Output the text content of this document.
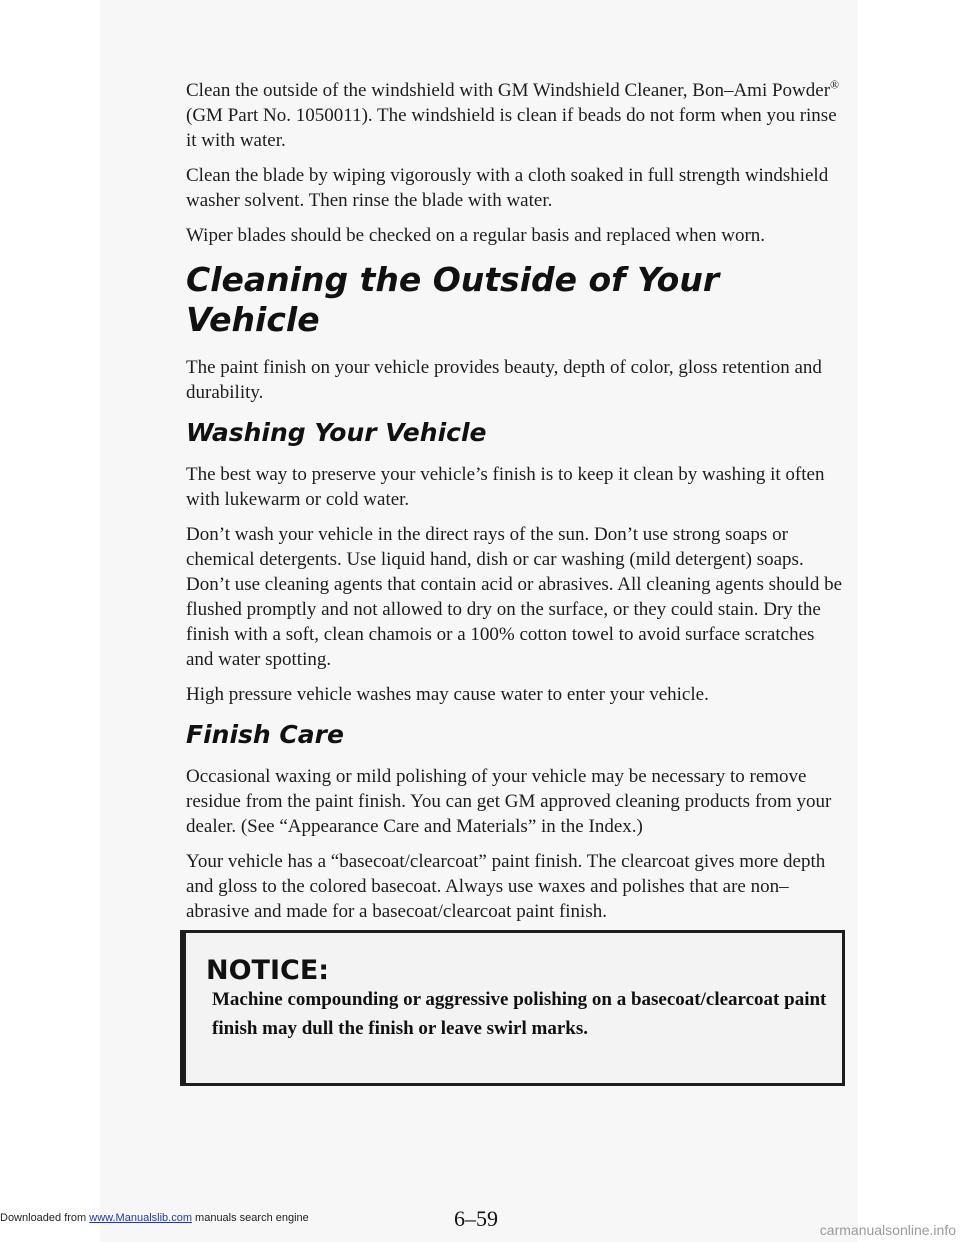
Clean the outside of the windshield with GM Windshield Cleaner, Bon–Ami Powder® (GM Part No. 1050011). The windshield is clean if beads do not form when you rinse it with water.

Clean the blade by wiping vigorously with a cloth soaked in full strength windshield washer solvent. Then rinse the blade with water.

Wiper blades should be checked on a regular basis and replaced when worn.

Cleaning the Outside of Your Vehicle

The paint finish on your vehicle provides beauty, depth of color, gloss retention and durability.

Washing Your Vehicle

The best way to preserve your vehicle’s finish is to keep it clean by washing it often with lukewarm or cold water.

Don’t wash your vehicle in the direct rays of the sun. Don’t use strong soaps or chemical detergents. Use liquid hand, dish or car washing (mild detergent) soaps. Don’t use cleaning agents that contain acid or abrasives. All cleaning agents should be flushed promptly and not allowed to dry on the surface, or they could stain. Dry the finish with a soft, clean chamois or a 100% cotton towel to avoid surface scratches and water spotting.

High pressure vehicle washes may cause water to enter your vehicle.

Finish Care

Occasional waxing or mild polishing of your vehicle may be necessary to remove residue from the paint finish. You can get GM approved cleaning products from your dealer. (See “Appearance Care and Materials” in the Index.)

Your vehicle has a “basecoat/clearcoat” paint finish. The clearcoat gives more depth and gloss to the colored basecoat. Always use waxes and polishes that are non–abrasive and made for a basecoat/clearcoat paint finish.

NOTICE:
Machine compounding or aggressive polishing on a basecoat/clearcoat paint finish may dull the finish or leave swirl marks.
6–59
Downloaded from www.Manualslib.com manuals search engine
carmanualsonline.info
